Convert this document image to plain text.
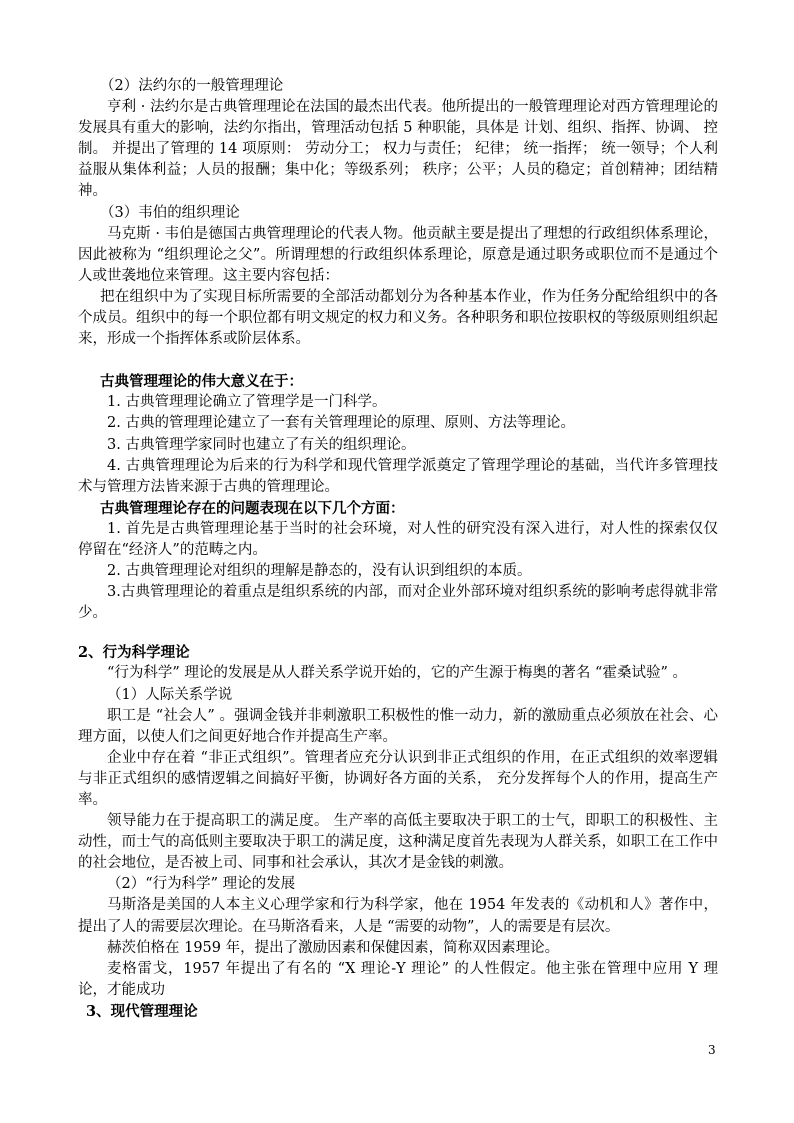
（2）法约尔的一般管理理论

亨利 · 法约尔是古典管理理论在法国的最杰出代表。他所提出的一般管理理论对西方管理理论的发展具有重大的影响，法约尔指出，管理活动包括 5 种职能，具体是 计划、组织、指挥、协调、 控制。 并提出了管理的 14 项原则： 劳动分工； 权力与责任； 纪律； 统一指挥； 统一领导；个人利益服从集体利益；人员的报酬；集中化；等级系列； 秩序；公平；人员的稳定；首创精神；团结精神。

（3）韦伯的组织理论

马克斯 · 韦伯是德国古典管理理论的代表人物。他贡献主要是提出了理想的行政组织体系理论，因此被称为 “组织理论之父”。所谓理想的行政组织体系理论，原意是通过职务或职位而不是通过个人或世袭地位来管理。这主要内容包括：

把在组织中为了实现目标所需要的全部活动都划分为各种基本作业，作为任务分配给组织中的各个成员。组织中的每一个职位都有明文规定的权力和义务。各种职务和职位按职权的等级原则组织起来，形成一个指挥体系或阶层体系。

古典管理理论的伟大意义在于：

1. 古典管理理论确立了管理学是一门科学。

2. 古典的管理理论建立了一套有关管理理论的原理、原则、方法等理论。

3. 古典管理学家同时也建立了有关的组织理论。

4. 古典管理理论为后来的行为科学和现代管理学派奠定了管理学理论的基础，当代许多管理技术与管理方法皆来源于古典的管理理论。

古典管理理论存在的问题表现在以下几个方面：

1. 首先是古典管理理论基于当时的社会环境，对人性的研究没有深入进行，对人性的探索仅仅停留在“经济人”的范畴之内。

2. 古典管理理论对组织的理解是静态的，没有认识到组织的本质。

3.古典管理理论的着重点是组织系统的内部，而对企业外部环境对组织系统的影响考虑得就非常少。

2、行为科学理论

“行为科学” 理论的发展是从人群关系学说开始的，它的产生源于梅奥的著名 “霍桑试验” 。

（1）人际关系学说

职工是 “社会人” 。强调金钱并非刺激职工积极性的惟一动力，新的激励重点必须放在社会、心理方面，以使人们之间更好地合作并提高生产率。

企业中存在着 “非正式组织”。管理者应充分认识到非正式组织的作用，在正式组织的效率逻辑与非正式组织的感情逻辑之间搞好平衡，协调好各方面的关系， 充分发挥每个人的作用，提高生产率。

领导能力在于提高职工的满足度。 生产率的高低主要取决于职工的士气，即职工的积极性、主动性，而士气的高低则主要取决于职工的满足度，这种满足度首先表现为人群关系，如职工在工作中的社会地位，是否被上司、同事和社会承认，其次才是金钱的刺激。

（2）“行为科学” 理论的发展

马斯洛是美国的人本主义心理学家和行为科学家，他在 1954 年发表的《动机和人》著作中，提出了人的需要层次理论。在马斯洛看来，人是 “需要的动物”，人的需要是有层次。

赫茨伯格在 1959 年，提出了激励因素和保健因素，简称双因素理论。

麦格雷戈，1957 年提出了有名的 “X 理论-Y 理论” 的人性假定。他主张在管理中应用 Y 理论，才能成功

3、现代管理理论

3
